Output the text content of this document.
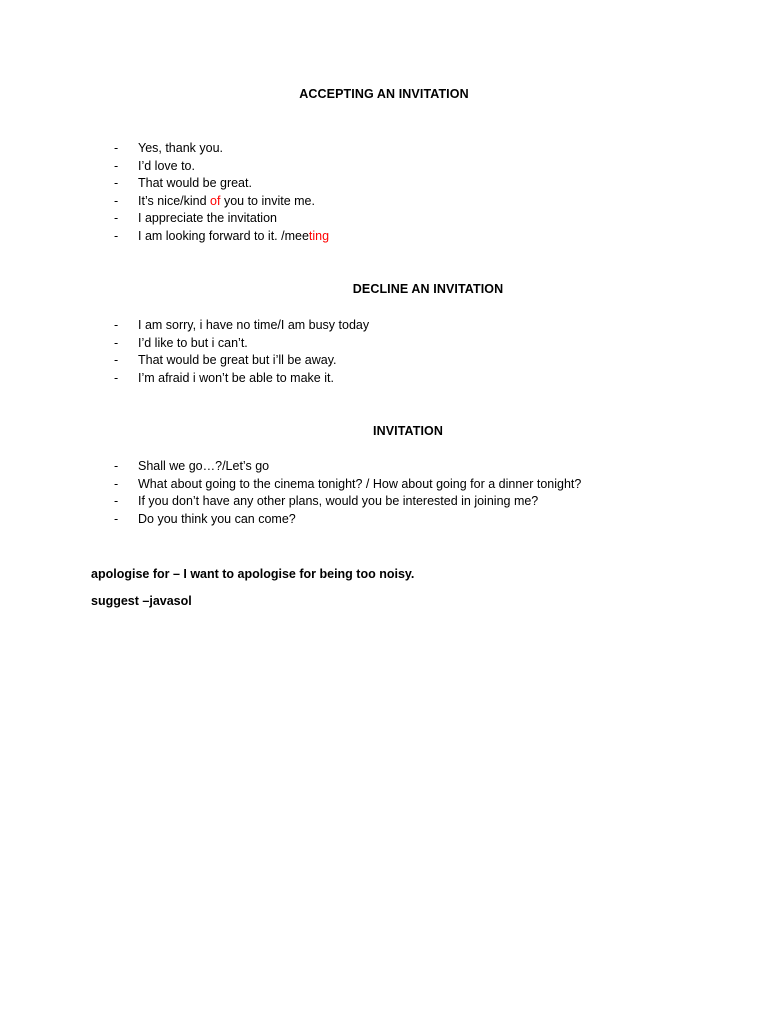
ACCEPTING AN INVITATION
- Yes, thank you.
- I’d love to.
- That would be great.
- It’s nice/kind of you to invite me.
- I appreciate the invitation
- I am looking forward to it. /meeting
DECLINE AN INVITATION
- I am sorry, i have no time/I am busy today
- I’d like to but i can’t.
- That would be great but i’ll be away.
- I’m afraid i won’t be able to make it.
INVITATION
- Shall we go…?/Let’s go
- What about going to the cinema tonight? / How about going for a dinner tonight?
- If you don’t have any other plans, would you be interested in joining me?
- Do you think you can come?
apologise for – I want to apologise for being too noisy.
suggest –javasol
